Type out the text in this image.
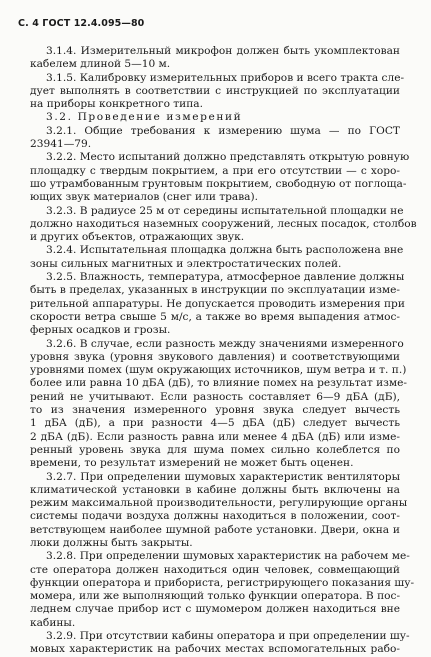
С. 4 ГОСТ 12.4.095—80
3.1.4. Измерительный микрофон должен быть укомплектован
кабелем длиной 5—10 м.
3.1.5. Калибровку измерительных приборов и всего тракта сле-
дует выполнять в соответствии с инструкцией по эксплуатации
на приборы конкретного типа.
3.2. Проведение измерений
3.2.1. Общие требования к измерению шума — по ГОСТ
23941—79.
3.2.2. Место испытаний должно представлять открытую ровную
площадку с твердым покрытием, а при его отсутствии — с хоро-
шо утрамбованным грунтовым покрытием, свободную от поглоща-
ющих звук материалов (снег или трава).
3.2.3. В радиусе 25 м от середины испытательной площадки не
должно находиться наземных сооружений, лесных посадок, столбов
и других объектов, отражающих звук.
3.2.4. Испытательная площадка должна быть расположена вне
зоны сильных магнитных и электростатических полей.
3.2.5. Влажность, температура, атмосферное давление должны
быть в пределах, указанных в инструкции по эксплуатации изме-
рительной аппаратуры. Не допускается проводить измерения при
скорости ветра свыше 5 м/с, а также во время выпадения атмос-
ферных осадков и грозы.
3.2.6. В случае, если разность между значениями измеренного
уровня звука (уровня звукового давления) и соответствующими
уровнями помех (шум окружающих источников, шум ветра и т. п.)
более или равна 10 дБА (дБ), то влияние помех на результат изме-
рений не учитывают. Если разность составляет 6—9 дБА (дБ),
то из значения измеренного уровня звука следует вычесть
1 дБА (дБ), а при разности 4—5 дБА (дБ) следует вычесть
2 дБА (дБ). Если разность равна или менее 4 дБА (дБ) или изме-
ренный уровень звука для шума помех сильно колеблется по
времени, то результат измерений не может быть оценен.
3.2.7. При определении шумовых характеристик вентиляторы
климатической установки в кабине должны быть включены на
режим максимальной производительности, регулирующие органы
системы подачи воздуха должны находиться в положении, соот-
ветствующем наиболее шумной работе установки. Двери, окна и
люки должны быть закрыты.
3.2.8. При определении шумовых характеристик на рабочем ме-
сте оператора должен находиться один человек, совмещающий
функции оператора и прибориста, регистрирующего показания шу-
момера, или же выполняющий только функции оператора. В пос-
леднем случае прибор ист с шумомером должен находиться вне
кабины.
3.2.9. При отсутствии кабины оператора и при определении шу-
мовых характеристик на рабочих местах вспомогательных рабо-
